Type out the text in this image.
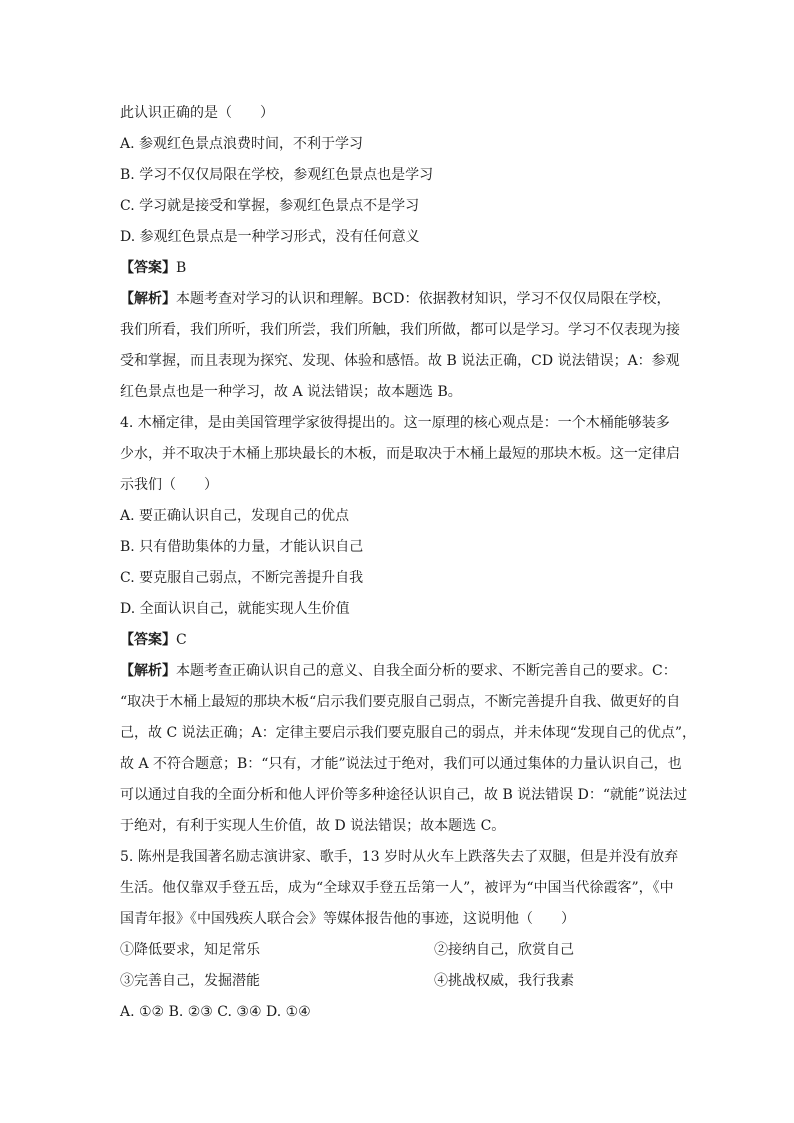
此认识正确的是（　　）
A. 参观红色景点浪费时间，不利于学习
B. 学习不仅仅局限在学校，参观红色景点也是学习
C. 学习就是接受和掌握，参观红色景点不是学习
D. 参观红色景点是一种学习形式，没有任何意义
【答案】B
【解析】本题考查对学习的认识和理解。BCD：依据教材知识，学习不仅仅局限在学校，
我们所看，我们所听，我们所尝，我们所触，我们所做，都可以是学习。学习不仅表现为接
受和掌握，而且表现为探究、发现、体验和感悟。故 B 说法正确，CD 说法错误；A：参观
红色景点也是一种学习，故 A 说法错误；故本题选 B。
4. 木桶定律，是由美国管理学家彼得提出的。这一原理的核心观点是：一个木桶能够装多
少水，并不取决于木桶上那块最长的木板，而是取决于木桶上最短的那块木板。这一定律启
示我们（　　）
A. 要正确认识自己，发现自己的优点
B. 只有借助集体的力量，才能认识自己
C. 要克服自己弱点，不断完善提升自我
D. 全面认识自己，就能实现人生价值
【答案】C
【解析】本题考查正确认识自己的意义、自我全面分析的要求、不断完善自己的要求。C：
“取决于木桶上最短的那块木板“启示我们要克服自己弱点，不断完善提升自我、做更好的自
己，故 C 说法正确；A：定律主要启示我们要克服自己的弱点，并未体现“发现自己的优点”，
故 A 不符合题意；B：“只有，才能”说法过于绝对，我们可以通过集体的力量认识自己，也
可以通过自我的全面分析和他人评价等多种途径认识自己，故 B 说法错误 D：“就能”说法过
于绝对，有利于实现人生价值，故 D 说法错误；故本题选 C。
5. 陈州是我国著名励志演讲家、歌手，13 岁时从火车上跌落失去了双腿，但是并没有放弃
生活。他仅靠双手登五岳，成为“全球双手登五岳第一人”，被评为“中国当代徐霞客”，《中
国青年报》《中国残疾人联合会》等媒体报告他的事迹，这说明他（　　）
①降低要求，知足常乐	②接纳自己，欣赏自己
③完善自己，发掘潜能	④挑战权威，我行我素
A. ①② B. ②③ C. ③④ D. ①④
